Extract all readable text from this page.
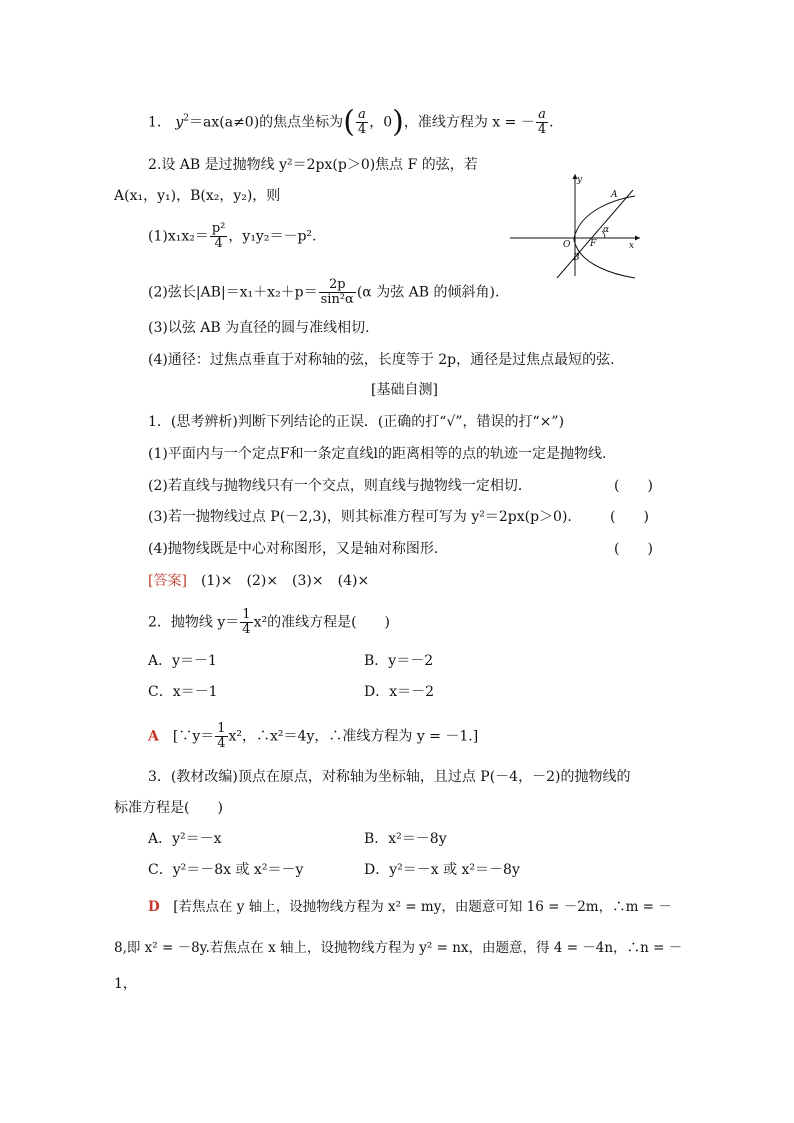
1． $y^2=ax(a\ne 0)$的焦点坐标为( $\frac{a}{4}$ ，0)，准线方程为 x = － $\frac{a}{4}$ .
2.设 AB 是过抛物线 y²＝2px(p＞0)焦点 F 的弦，若
A(x₁，y₁)，B(x₂，y₂)，则
$(1)x_1x_2= \frac{\text{p²}}{4}$ ，y₁y₂＝－p².
(2)弦长$|AB|=x_1+x_2+p= \frac{2p}{\text{sin²α}} (\alpha$ 为弦 AB 的倾斜角).
(3)以弦 AB 为直径的圆与准线相切.
(4)通径：过焦点垂直于对称轴的弦，长度等于 2p，通径是过焦点最短的弦.
y
x
O F
A
B
α
[基础自测]
1．(思考辨析)判断下列结论的正误．(正确的打“√”，错误的打“×”)
(1)平面内与一个定点F和一条定直线l的距离相等的点的轨迹一定是抛物线.
(2)若直线与抛物线只有一个交点，则直线与抛物线一定相切．	(　　)
(3)若一抛物线过点 P(－2,3)，则其标准方程可写为 y²＝2px(p＞0)． (　　)
(4)抛物线既是中心对称图形，又是轴对称图形．	(　　)
[答案]　 (1)×　(2)×　(3)×　(4)×
2．抛物线 $y= \frac{1}{4} x^2$的准线方程是(　　)
A．y＝－1	B．y＝－2
C．x＝－1	D．x＝－2
A　 [∵y＝ $\frac{1}{4} x^2$，∴x²＝4y，∴准线方程为 y = －1.]
3．(教材改编)顶点在原点，对称轴为坐标轴，且过点 P(－4，－2)的抛物线的
标准方程是(　　)
A．y²＝－x	B．x²＝－8y
C．y²＝－8x 或 x²＝－y	D．y²＝－x 或 x²＝－8y
D　 [若焦点在 y 轴上，设抛物线方程为 x² = my，由题意可知 16 = －2m，∴m = －
8,即 x² = －8y.若焦点在 x 轴上，设抛物线方程为 y² = nx，由题意，得 4 = －4n，∴n = －
1，
